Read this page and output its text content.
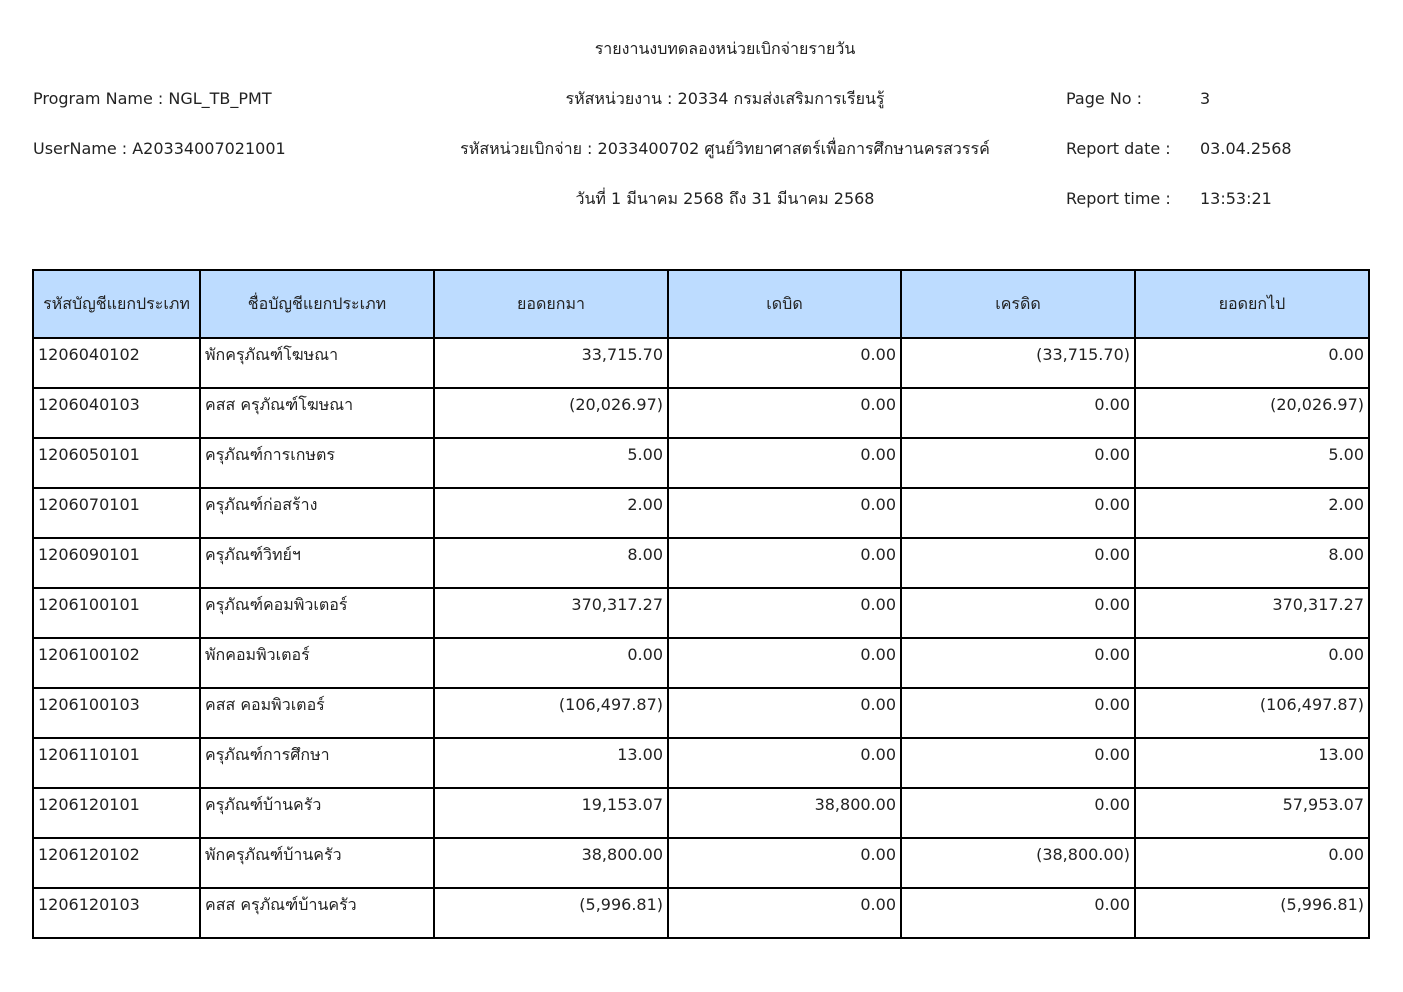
รายงานงบทดลองหน่วยเบิกจ่ายรายวัน
Program Name : NGL_TB_PMT	รหัสหน่วยงาน : 20334 กรมส่งเสริมการเรียนรู้
UserName : A20334007021001	รหัสหน่วยเบิกจ่าย : 2033400702 ศูนย์วิทยาศาสตร์เพื่อการศึกษานครสวรรค์
วันที่ 1 มีนาคม 2568 ถึง 31 มีนาคม 2568
Page No :	3
Report date : 03.04.2568
Report time : 13:53:21
รหัสบัญชีแยกประเภท	ชื่อบัญชีแยกประเภท	ยอดยกมา	เดบิด	เครดิด	ยอดยกไป
1206040102	พักครุภัณฑ์โฆษณา	33,715.70	0.00	(33,715.70)	0.00
1206040103	คสส ครุภัณฑ์โฆษณา	(20,026.97)	0.00	0.00	(20,026.97)
1206050101	ครุภัณฑ์การเกษตร	5.00	0.00	0.00	5.00
1206070101	ครุภัณฑ์ก่อสร้าง	2.00	0.00	0.00	2.00
1206090101	ครุภัณฑ์วิทย์ฯ	8.00	0.00	0.00	8.00
1206100101	ครุภัณฑ์คอมพิวเตอร์	370,317.27	0.00	0.00	370,317.27
1206100102	พักคอมพิวเตอร์	0.00	0.00	0.00	0.00
1206100103	คสส คอมพิวเตอร์	(106,497.87)	0.00	0.00	(106,497.87)
1206110101	ครุภัณฑ์การศึกษา	13.00	0.00	0.00	13.00
1206120101	ครุภัณฑ์บ้านครัว	19,153.07	38,800.00	0.00	57,953.07
1206120102	พักครุภัณฑ์บ้านครัว	38,800.00	0.00	(38,800.00)	0.00
1206120103	คสส ครุภัณฑ์บ้านครัว	(5,996.81)	0.00	0.00	(5,996.81)
